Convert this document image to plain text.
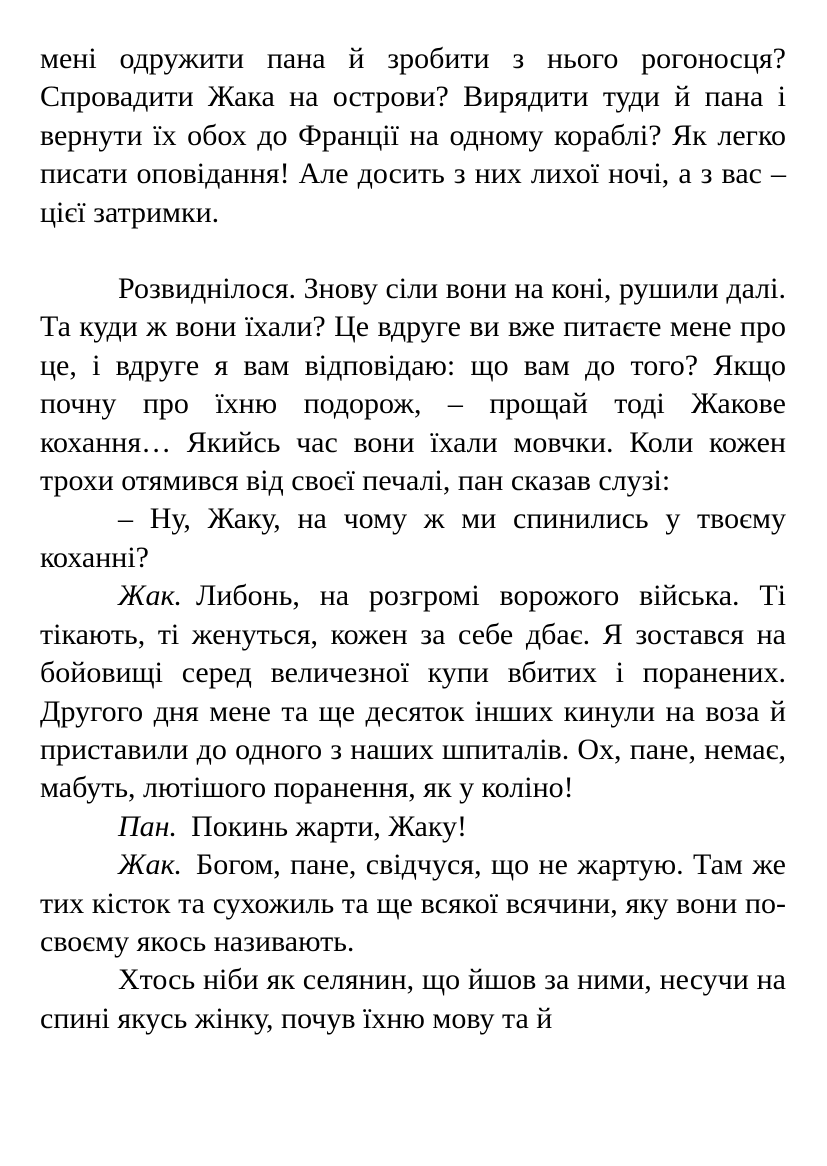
мені одружити пана й зробити з нього рогоносця? Спровадити Жака на острови? Вирядити туди й пана і вернути їх обох до Франції на одному кораблі? Як легко писати оповідання! Але досить з них лихої ночі, а з вас – цієї затримки.

Розвиднілося. Знову сіли вони на коні, рушили далі. Та куди ж вони їхали? Це вдруге ви вже питаєте мене про це, і вдруге я вам відповідаю: що вам до того? Якщо почну про їхню подорож, – прощай тоді Жакове кохання… Якийсь час вони їхали мовчки. Коли кожен трохи отямився від своєї печалі, пан сказав слузі:

– Ну, Жаку, на чому ж ми спинились у твоєму коханні?

Жак. Либонь, на розгромі ворожого війська. Ті тікають, ті женуться, кожен за себе дбає. Я зостався на бойовищі серед величезної купи вбитих і поранених. Другого дня мене та ще десяток інших кинули на воза й приставили до одного з наших шпиталів. Ох, пане, немає, мабуть, лютішого поранення, як у коліно!

Пан. Покинь жарти, Жаку!

Жак. Богом, пане, свідчуся, що не жартую. Там же тих кісток та сухожиль та ще всякої всячини, яку вони по-своєму якось називають.

Хтось ніби як селянин, що йшов за ними, несучи на спині якусь жінку, почув їхню мову та й
